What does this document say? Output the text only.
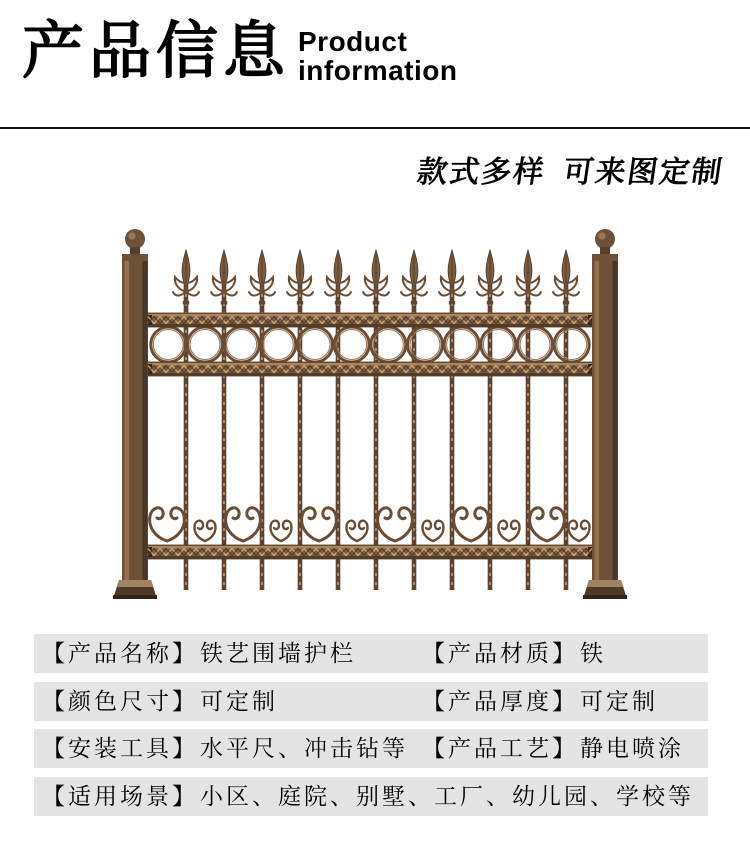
产品信息 Product
information
款式多样 可来图定制
【产品名称】铁艺围墙护栏	【产品材质】铁
【颜色尺寸】可定制	【产品厚度】可定制
【安装工具】水平尺、冲击钻等 【产品工艺】静电喷涂
【适用场景】小区、庭院、别墅、工厂、幼儿园、学校等
